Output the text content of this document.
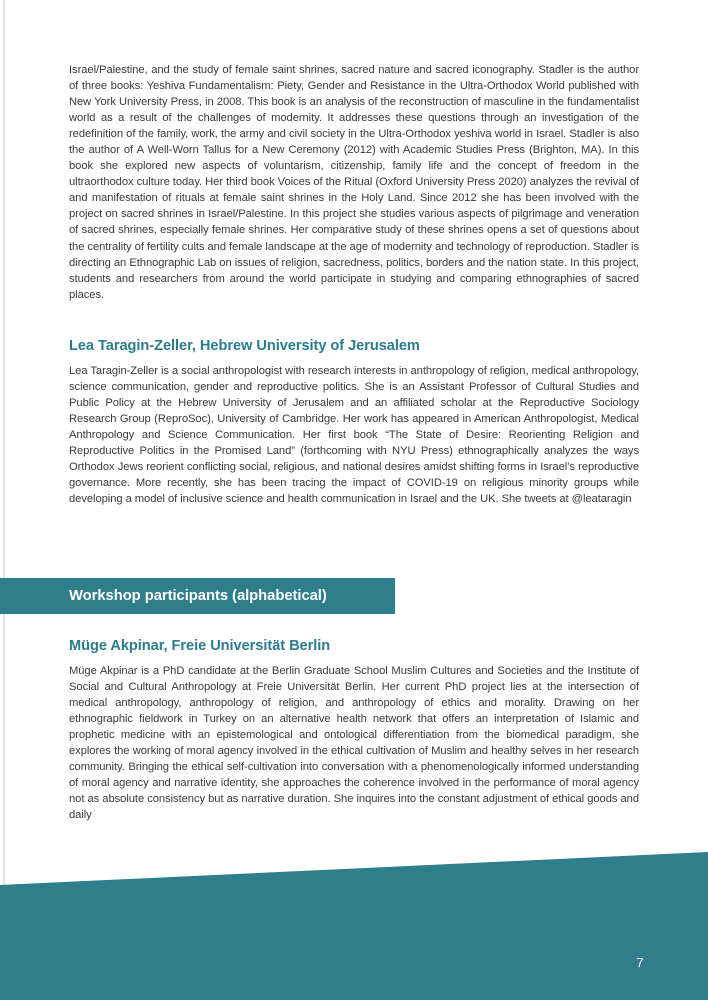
Israel/Palestine, and the study of female saint shrines, sacred nature and sacred iconography. Stadler is the author of three books: Yeshiva Fundamentalism: Piety, Gender and Resistance in the Ultra-Orthodox World published with New York University Press, in 2008. This book is an analysis of the reconstruction of masculine in the fundamentalist world as a result of the challenges of modernity. It addresses these questions through an investigation of the redefinition of the family, work, the army and civil society in the Ultra-Orthodox yeshiva world in Israel. Stadler is also the author of A Well-Worn Tallus for a New Ceremony (2012) with Academic Studies Press (Brighton, MA). In this book she explored new aspects of voluntarism, citizenship, family life and the concept of freedom in the ultraorthodox culture today. Her third book Voices of the Ritual (Oxford University Press 2020) analyzes the revival of and manifestation of rituals at female saint shrines in the Holy Land. Since 2012 she has been involved with the project on sacred shrines in Israel/Palestine. In this project she studies various aspects of pilgrimage and veneration of sacred shrines, especially female shrines. Her comparative study of these shrines opens a set of questions about the centrality of fertility cults and female landscape at the age of modernity and technology of reproduction. Stadler is directing an Ethnographic Lab on issues of religion, sacredness, politics, borders and the nation state. In this project, students and researchers from around the world participate in studying and comparing ethnographies of sacred places.

Lea Taragin-Zeller, Hebrew University of Jerusalem

Lea Taragin-Zeller is a social anthropologist with research interests in anthropology of religion, medical anthropology, science communication, gender and reproductive politics. She is an Assistant Professor of Cultural Studies and Public Policy at the Hebrew University of Jerusalem and an affiliated scholar at the Reproductive Sociology Research Group (ReproSoc), University of Cambridge. Her work has appeared in American Anthropologist, Medical Anthropology and Science Communication. Her first book “The State of Desire: Reorienting Religion and Reproductive Politics in the Promised Land” (forthcoming with NYU Press) ethnographically analyzes the ways Orthodox Jews reorient conflicting social, religious, and national desires amidst shifting forms in Israel’s reproductive governance. More recently, she has been tracing the impact of COVID-19 on religious minority groups while developing a model of inclusive science and health communication in Israel and the UK. She tweets at @leataragin

Workshop participants (alphabetical)
Müge Akpinar, Freie Universität Berlin

Müge Akpinar is a PhD candidate at the Berlin Graduate School Muslim Cultures and Societies and the Institute of Social and Cultural Anthropology at Freie Universität Berlin. Her current PhD project lies at the intersection of medical anthropology, anthropology of religion, and anthropology of ethics and morality. Drawing on her ethnographic fieldwork in Turkey on an alternative health network that offers an interpretation of Islamic and prophetic medicine with an epistemological and ontological differentiation from the biomedical paradigm, she explores the working of moral agency involved in the ethical cultivation of Muslim and healthy selves in her research community. Bringing the ethical self-cultivation into conversation with a phenomenologically informed understanding of moral agency and narrative identity, she approaches the coherence involved in the performance of moral agency not as absolute consistency but as narrative duration. She inquires into the constant adjustment of ethical goods and daily

7
